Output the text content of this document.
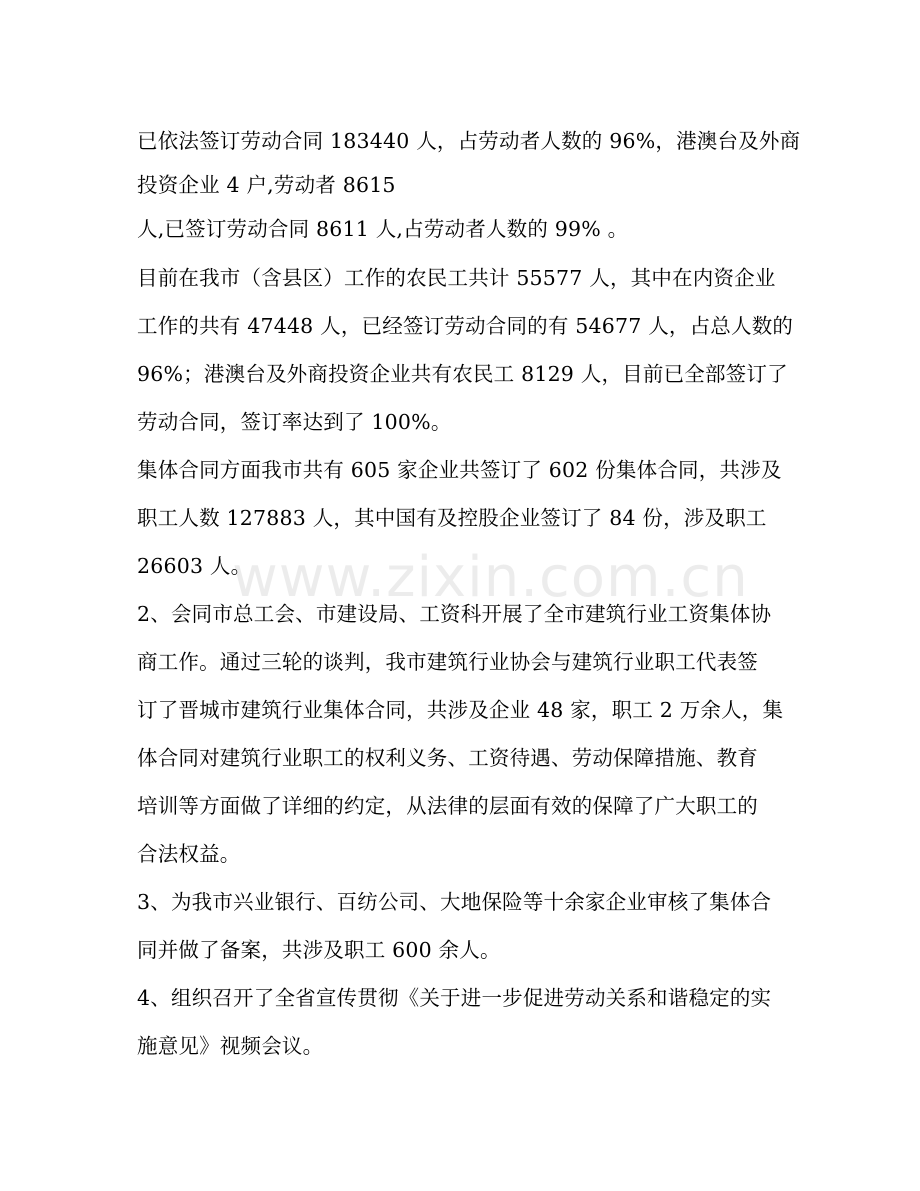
已依法签订劳动合同 183440 人，占劳动者人数的 96%，港澳台及外商
投资企业 4 户,劳动者 8615
人,已签订劳动合同 8611 人,占劳动者人数的 99% 。
目前在我市（含县区）工作的农民工共计 55577 人，其中在内资企业
工作的共有 47448 人，已经签订劳动合同的有 54677 人，占总人数的
96%；港澳台及外商投资企业共有农民工 8129 人，目前已全部签订了
劳动合同，签订率达到了 100%。
集体合同方面我市共有 605 家企业共签订了 602 份集体合同，共涉及
职工人数 127883 人，其中国有及控股企业签订了 84 份，涉及职工
26603 人。
2、会同市总工会、市建设局、工资科开展了全市建筑行业工资集体协
商工作。通过三轮的谈判，我市建筑行业协会与建筑行业职工代表签
订了晋城市建筑行业集体合同，共涉及企业 48 家，职工 2 万余人，集
体合同对建筑行业职工的权利义务、工资待遇、劳动保障措施、教育
培训等方面做了详细的约定，从法律的层面有效的保障了广大职工的
合法权益。
3、为我市兴业银行、百纺公司、大地保险等十余家企业审核了集体合
同并做了备案，共涉及职工 600 余人。
4、组织召开了全省宣传贯彻《关于进一步促进劳动关系和谐稳定的实
施意见》视频会议。
www.zixin.com.cn
